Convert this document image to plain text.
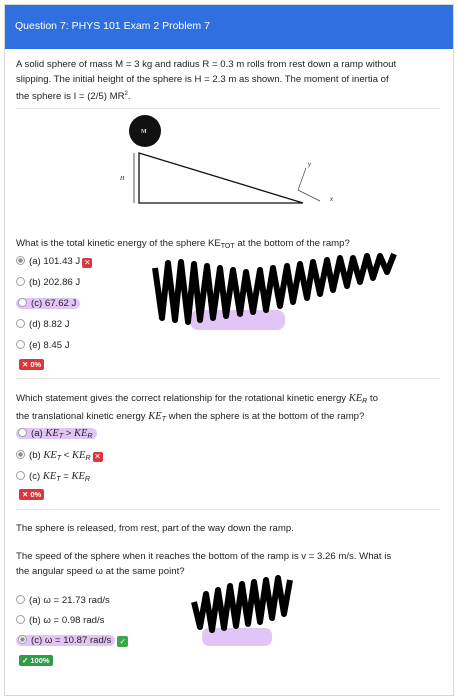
Question 7: PHYS 101 Exam 2 Problem 7
A solid sphere of mass M = 3 kg and radius R = 0.3 m rolls from rest down a ramp without
slipping. The initial height of the sphere is H = 2.3 m as shown. The moment of inertia of
the sphere is I = (2/5) $MR^2$.
H
M
y
x
What is the total kinetic energy of the sphere $KE_{TOT}$ at the bottom of the ramp?
(a) 101.43 J ✕
(b) 202.86 J
(c) 67.62 J
(d) 8.82 J
(e) 8.45 J
✕ 0%
Which statement gives the correct relationship for the rotational kinetic energy $KE_R$ to
the translational kinetic energy $KE_T$ when the sphere is at the bottom of the ramp?
(a) $KE_T > KE_R$
(b) $KE_T < KE_R$ ✕
(c) $KE_T = KE_R$
✕ 0%
The sphere is released, from rest, part of the way down the ramp.
The speed of the sphere when it reaches the bottom of the ramp is v = 3.26 m/s. What is
the angular speed ω at the same point?
(a) ω = 21.73 rad/s
(b) ω = 0.98 rad/s
(c) ω = 10.87 rad/s ✓
✓ 100%
